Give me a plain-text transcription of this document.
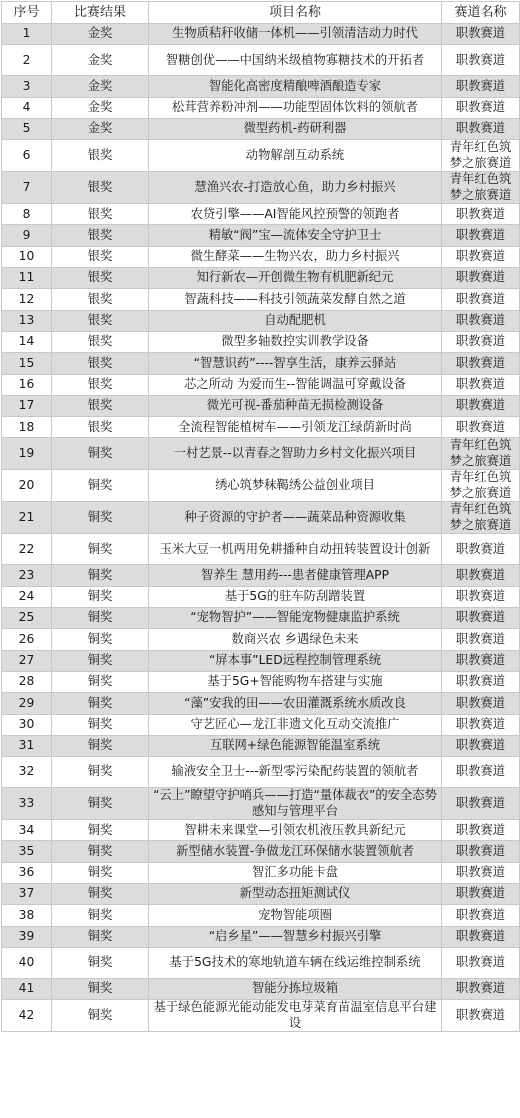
序号	比赛结果	项目名称	赛道名称
1	金奖	生物质秸秆收储一体机——引领清洁动力时代	职教赛道
2	金奖	智糖创优——中国纳米级植物寡糖技术的开拓者	职教赛道
3	金奖	智能化高密度精酿啤酒酿造专家	职教赛道
4	金奖	松茸营养粉冲剂——功能型固体饮料的领航者	职教赛道
5	金奖	微型药机-药研利器	职教赛道
6	银奖	动物解剖互动系统	青年红色筑梦之旅赛道
7	银奖	慧渔兴农-打造放心鱼，助力乡村振兴	青年红色筑梦之旅赛道
8	银奖	农贷引擎——AI智能风控预警的领跑者	职教赛道
9	银奖	精敏“阀”宝—流体安全守护卫士	职教赛道
10	银奖	微生酵菜——生物兴农，助力乡村振兴	职教赛道
11	银奖	知行新农—开创微生物有机肥新纪元	职教赛道
12	银奖	智蔬科技——科技引领蔬菜发酵自然之道	职教赛道
13	银奖	自动配肥机	职教赛道
14	银奖	微型多轴数控实训教学设备	职教赛道
15	银奖	“智慧识药”----智享生活，康养云驿站	职教赛道
16	银奖	芯之所动 为爱而生--智能调温可穿戴设备	职教赛道
17	银奖	微光可视-番茄种苗无损检测设备	职教赛道
18	银奖	全流程智能植树车——引领龙江绿荫新时尚	职教赛道
19	铜奖	一村艺景--以青春之智助力乡村文化振兴项目	青年红色筑梦之旅赛道
20	铜奖	绣心筑梦秣鞨绣公益创业项目	青年红色筑梦之旅赛道
21	铜奖	种子资源的守护者——蔬菜品种资源收集	青年红色筑梦之旅赛道
22	铜奖	玉米大豆一机两用免耕播种自动扭转装置设计创新	职教赛道
23	铜奖	智养生 慧用药---患者健康管理APP	职教赛道
24	铜奖	基于5G的驻车防刮蹭装置	职教赛道
25	铜奖	“宠物智护”——智能宠物健康监护系统	职教赛道
26	铜奖	数商兴农 乡遇绿色未来	职教赛道
27	铜奖	“屏本事”LED远程控制管理系统	职教赛道
28	铜奖	基于5G+智能购物车搭建与实施	职教赛道
29	铜奖	“藻”安我的田——农田灌溉系统水质改良	职教赛道
30	铜奖	守艺匠心—龙江非遗文化互动交流推广	职教赛道
31	铜奖	互联网+绿色能源智能温室系统	职教赛道
32	铜奖	输液安全卫士---新型零污染配药装置的领航者	职教赛道
33	铜奖	“云上”瞭望守护哨兵——打造“量体裁衣”的安全态势感知与管理平台	职教赛道
34	铜奖	智耕未来课堂—引领农机液压教具新纪元	职教赛道
35	铜奖	新型储水装置-争做龙江环保储水装置领航者	职教赛道
36	铜奖	智汇多功能卡盘	职教赛道
37	铜奖	新型动态扭矩测试仪	职教赛道
38	铜奖	宠物智能项圈	职教赛道
39	铜奖	“启乡星”——智慧乡村振兴引擎	职教赛道
40	铜奖	基于5G技术的寒地轨道车辆在线运维控制系统	职教赛道
41	铜奖	智能分拣垃圾箱	职教赛道
42	铜奖	基于绿色能源光能动能发电芽菜育苗温室信息平台建设	职教赛道
